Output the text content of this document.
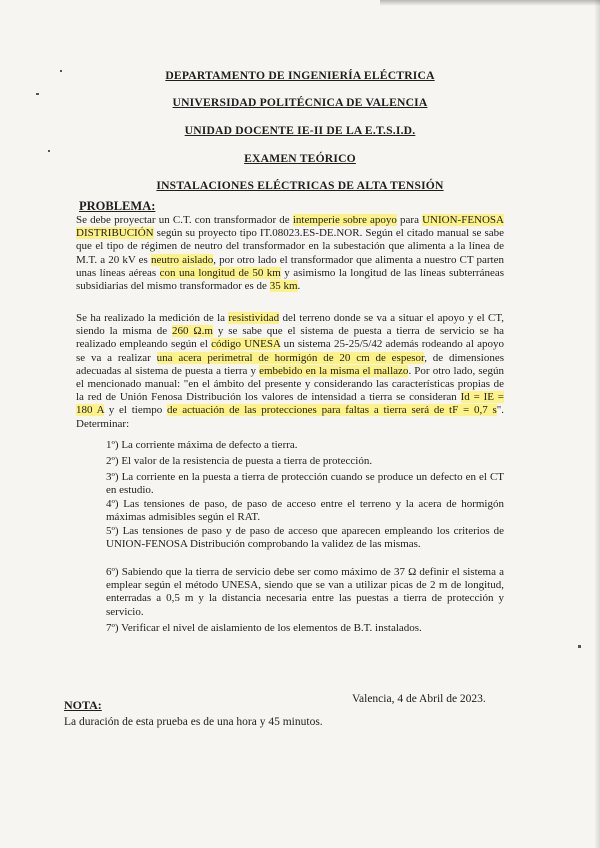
DEPARTAMENTO DE INGENIERÍA ELÉCTRICA
UNIVERSIDAD POLITÉCNICA DE VALENCIA
UNIDAD DOCENTE IE-II DE LA E.T.S.I.D.
EXAMEN TEÓRICO
INSTALACIONES ELÉCTRICAS DE ALTA TENSIÓN
PROBLEMA:
Se debe proyectar un C.T. con transformador de intemperie sobre apoyo para UNION-FENOSA DISTRIBUCIÓN según su proyecto tipo IT.08023.ES-DE.NOR. Según el citado manual se sabe que el tipo de régimen de neutro del transformador en la subestación que alimenta a la línea de M.T. a 20 kV es neutro aislado, por otro lado el transformador que alimenta a nuestro CT parten unas líneas aéreas con una longitud de 50 km y asimismo la longitud de las líneas subterráneas subsidiarias del mismo transformador es de 35 km.
Se ha realizado la medición de la resistividad del terreno donde se va a situar el apoyo y el CT, siendo la misma de 260 Ω.m y se sabe que el sistema de puesta a tierra de servicio se ha realizado empleando según el código UNESA un sistema 25-25/5/42 además rodeando al apoyo se va a realizar una acera perimetral de hormigón de 20 cm de espesor, de dimensiones adecuadas al sistema de puesta a tierra y embebido en la misma el mallazo. Por otro lado, según el mencionado manual: "en el ámbito del presente y considerando las características propias de la red de Unión Fenosa Distribución los valores de intensidad a tierra se consideran Id = IE = 180 A y el tiempo de actuación de las protecciones para faltas a tierra será de tF = 0,7 s". Determinar:
1º) La corriente máxima de defecto a tierra.
2º) El valor de la resistencia de puesta a tierra de protección.
3º) La corriente en la puesta a tierra de protección cuando se produce un defecto en el CT en estudio.
4º) Las tensiones de paso, de paso de acceso entre el terreno y la acera de hormigón máximas admisibles según el RAT.
5º) Las tensiones de paso y de paso de acceso que aparecen empleando los criterios de UNION-FENOSA Distribución comprobando la validez de las mismas.
6º) Sabiendo que la tierra de servicio debe ser como máximo de 37 Ω definir el sistema a emplear según el método UNESA, siendo que se van a utilizar picas de 2 m de longitud, enterradas a 0,5 m y la distancia necesaria entre las puestas a tierra de protección y servicio.
7º) Verificar el nivel de aislamiento de los elementos de B.T. instalados.
Valencia, 4 de Abril de 2023.
NOTA:
La duración de esta prueba es de una hora y 45 minutos.
